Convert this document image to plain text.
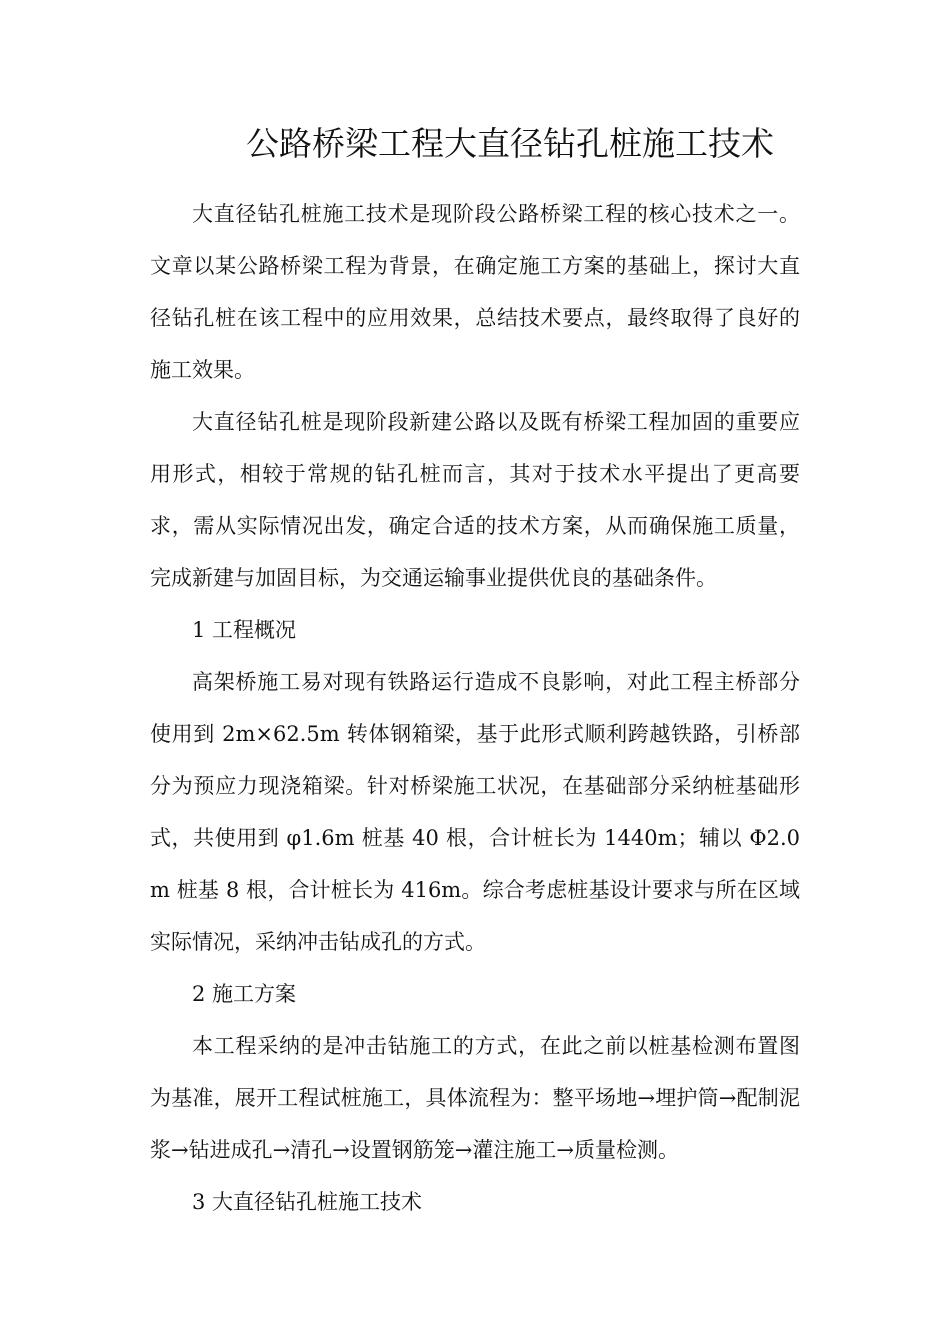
公路桥梁工程大直径钻孔桩施工技术

大直径钻孔桩施工技术是现阶段公路桥梁工程的核心技术之一。文章以某公路桥梁工程为背景，在确定施工方案的基础上，探讨大直径钻孔桩在该工程中的应用效果，总结技术要点，最终取得了良好的施工效果。

大直径钻孔桩是现阶段新建公路以及既有桥梁工程加固的重要应用形式，相较于常规的钻孔桩而言，其对于技术水平提出了更高要求，需从实际情况出发，确定合适的技术方案，从而确保施工质量，完成新建与加固目标，为交通运输事业提供优良的基础条件。

1 工程概况

高架桥施工易对现有铁路运行造成不良影响，对此工程主桥部分使用到 2m×62.5m 转体钢箱梁，基于此形式顺利跨越铁路，引桥部分为预应力现浇箱梁。针对桥梁施工状况，在基础部分采纳桩基础形式，共使用到 φ1.6m 桩基 40 根，合计桩长为 1440m；辅以 Φ2.0m 桩基 8 根，合计桩长为 416m。综合考虑桩基设计要求与所在区域实际情况，采纳冲击钻成孔的方式。

2 施工方案

本工程采纳的是冲击钻施工的方式，在此之前以桩基检测布置图为基准，展开工程试桩施工，具体流程为：整平场地→埋护筒→配制泥浆→钻进成孔→清孔→设置钢筋笼→灌注施工→质量检测。

3 大直径钻孔桩施工技术
